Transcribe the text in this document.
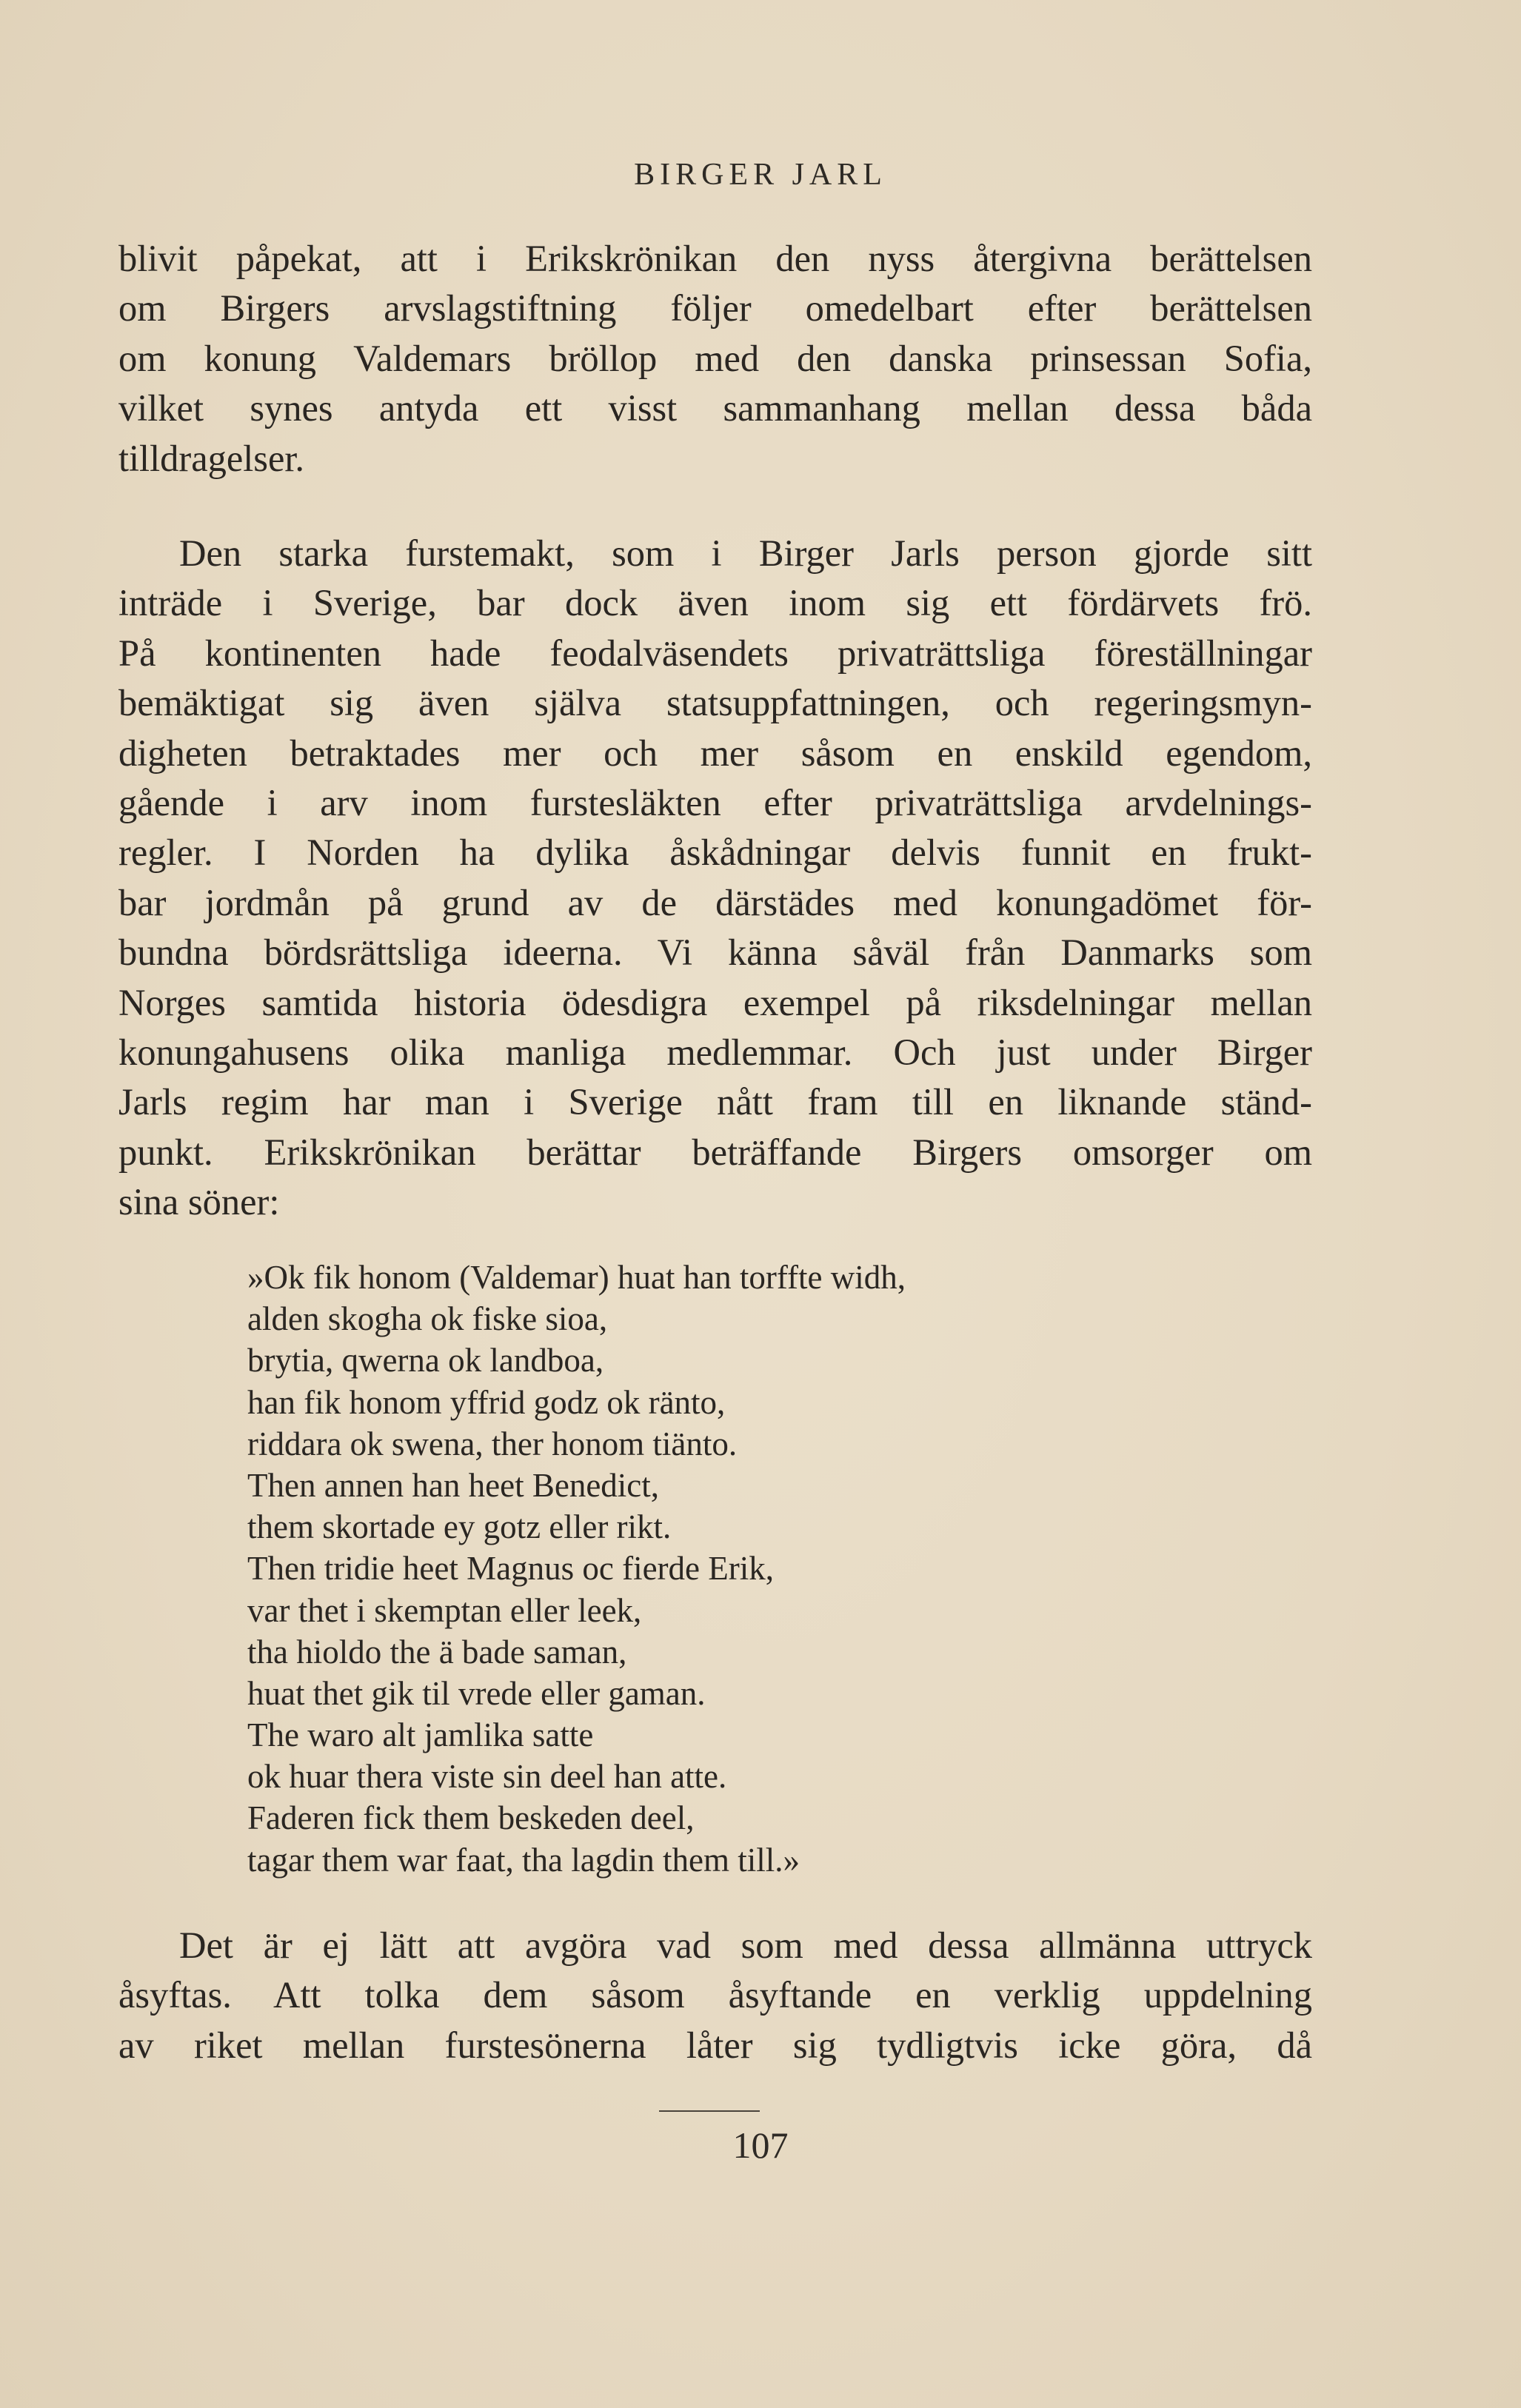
BIRGER JARL
blivit påpekat, att i Erikskrönikan den nyss återgivna berättelsen
om Birgers arvslagstiftning följer omedelbart efter berättelsen
om konung Valdemars bröllop med den danska prinsessan Sofia,
vilket synes antyda ett visst sammanhang mellan dessa båda
tilldragelser.
Den starka furstemakt, som i Birger Jarls person gjorde sitt
inträde i Sverige, bar dock även inom sig ett fördärvets frö.
På kontinenten hade feodalväsendets privaträttsliga föreställningar
bemäktigat sig även själva statsuppfattningen, och regeringsmyn-
digheten betraktades mer och mer såsom en enskild egendom,
gående i arv inom furstesläkten efter privaträttsliga arvdelnings-
regler. I Norden ha dylika åskådningar delvis funnit en frukt-
bar jordmån på grund av de därstädes med konungadömet för-
bundna bördsrättsliga ideerna. Vi känna såväl från Danmarks som
Norges samtida historia ödesdigra exempel på riksdelningar mellan
konungahusens olika manliga medlemmar. Och just under Birger
Jarls regim har man i Sverige nått fram till en liknande ständ-
punkt. Erikskrönikan berättar beträffande Birgers omsorger om
sina söner:
»Ok fik honom (Valdemar) huat han torffte widh,
alden skogha ok fiske sioa,
brytia, qwerna ok landboa,
han fik honom yffrid godz ok ränto,
riddara ok swena, ther honom tiänto.
Then annen han heet Benedict,
them skortade ey gotz eller rikt.
Then tridie heet Magnus oc fierde Erik,
var thet i skemptan eller leek,
tha hioldo the ä bade saman,
huat thet gik til vrede eller gaman.
The waro alt jamlika satte
ok huar thera viste sin deel han atte.
Faderen fick them beskeden deel,
tagar them war faat, tha lagdin them till.»
Det är ej lätt att avgöra vad som med dessa allmänna uttryck
åsyftas. Att tolka dem såsom åsyftande en verklig uppdelning
av riket mellan furstesönerna låter sig tydligtvis icke göra, då
107
